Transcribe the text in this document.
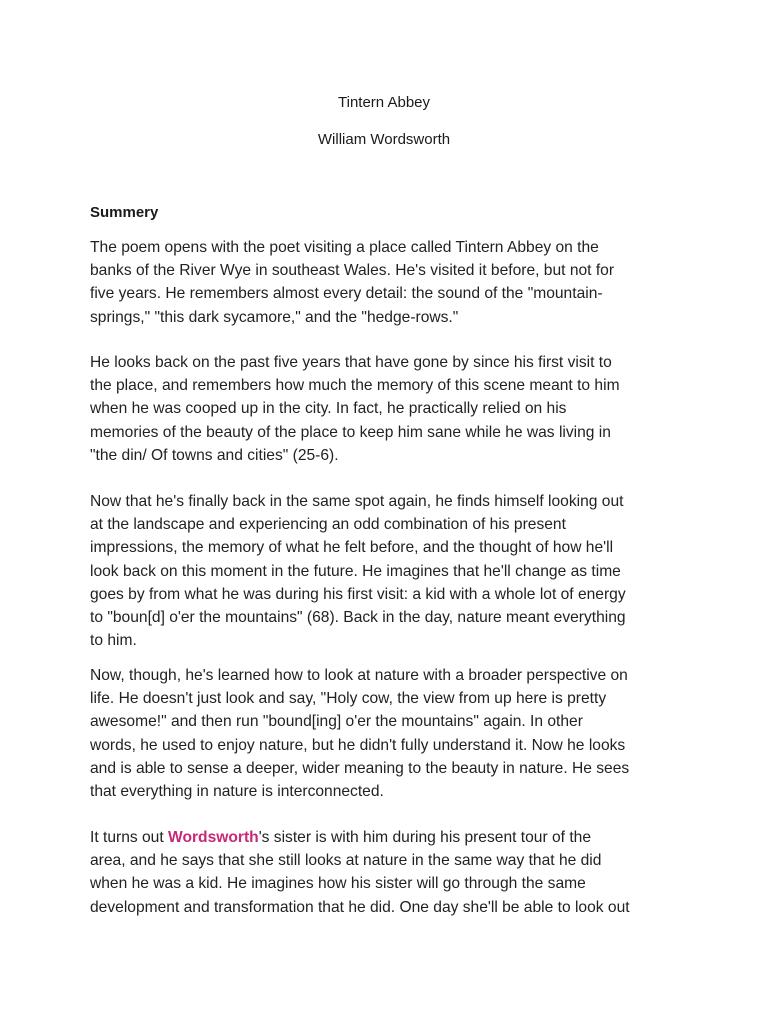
Tintern Abbey
William Wordsworth
Summery

The poem opens with the poet visiting a place called Tintern Abbey on the
banks of the River Wye in southeast Wales. He's visited it before, but not for
five years. He remembers almost every detail: the sound of the "mountain-
springs," "this dark sycamore," and the "hedge-rows."

He looks back on the past five years that have gone by since his first visit to
the place, and remembers how much the memory of this scene meant to him
when he was cooped up in the city. In fact, he practically relied on his
memories of the beauty of the place to keep him sane while he was living in
"the din/ Of towns and cities" (25-6).

Now that he's finally back in the same spot again, he finds himself looking out
at the landscape and experiencing an odd combination of his present
impressions, the memory of what he felt before, and the thought of how he'll
look back on this moment in the future. He imagines that he'll change as time
goes by from what he was during his first visit: a kid with a whole lot of energy
to "boun[d] o'er the mountains" (68). Back in the day, nature meant everything
to him.

Now, though, he's learned how to look at nature with a broader perspective on
life. He doesn't just look and say, "Holy cow, the view from up here is pretty
awesome!" and then run "bound[ing] o'er the mountains" again. In other
words, he used to enjoy nature, but he didn't fully understand it. Now he looks
and is able to sense a deeper, wider meaning to the beauty in nature. He sees
that everything in nature is interconnected.

It turns out Wordsworth's sister is with him during his present tour of the
area, and he says that she still looks at nature in the same way that he did
when he was a kid. He imagines how his sister will go through the same
development and transformation that he did. One day she'll be able to look out
